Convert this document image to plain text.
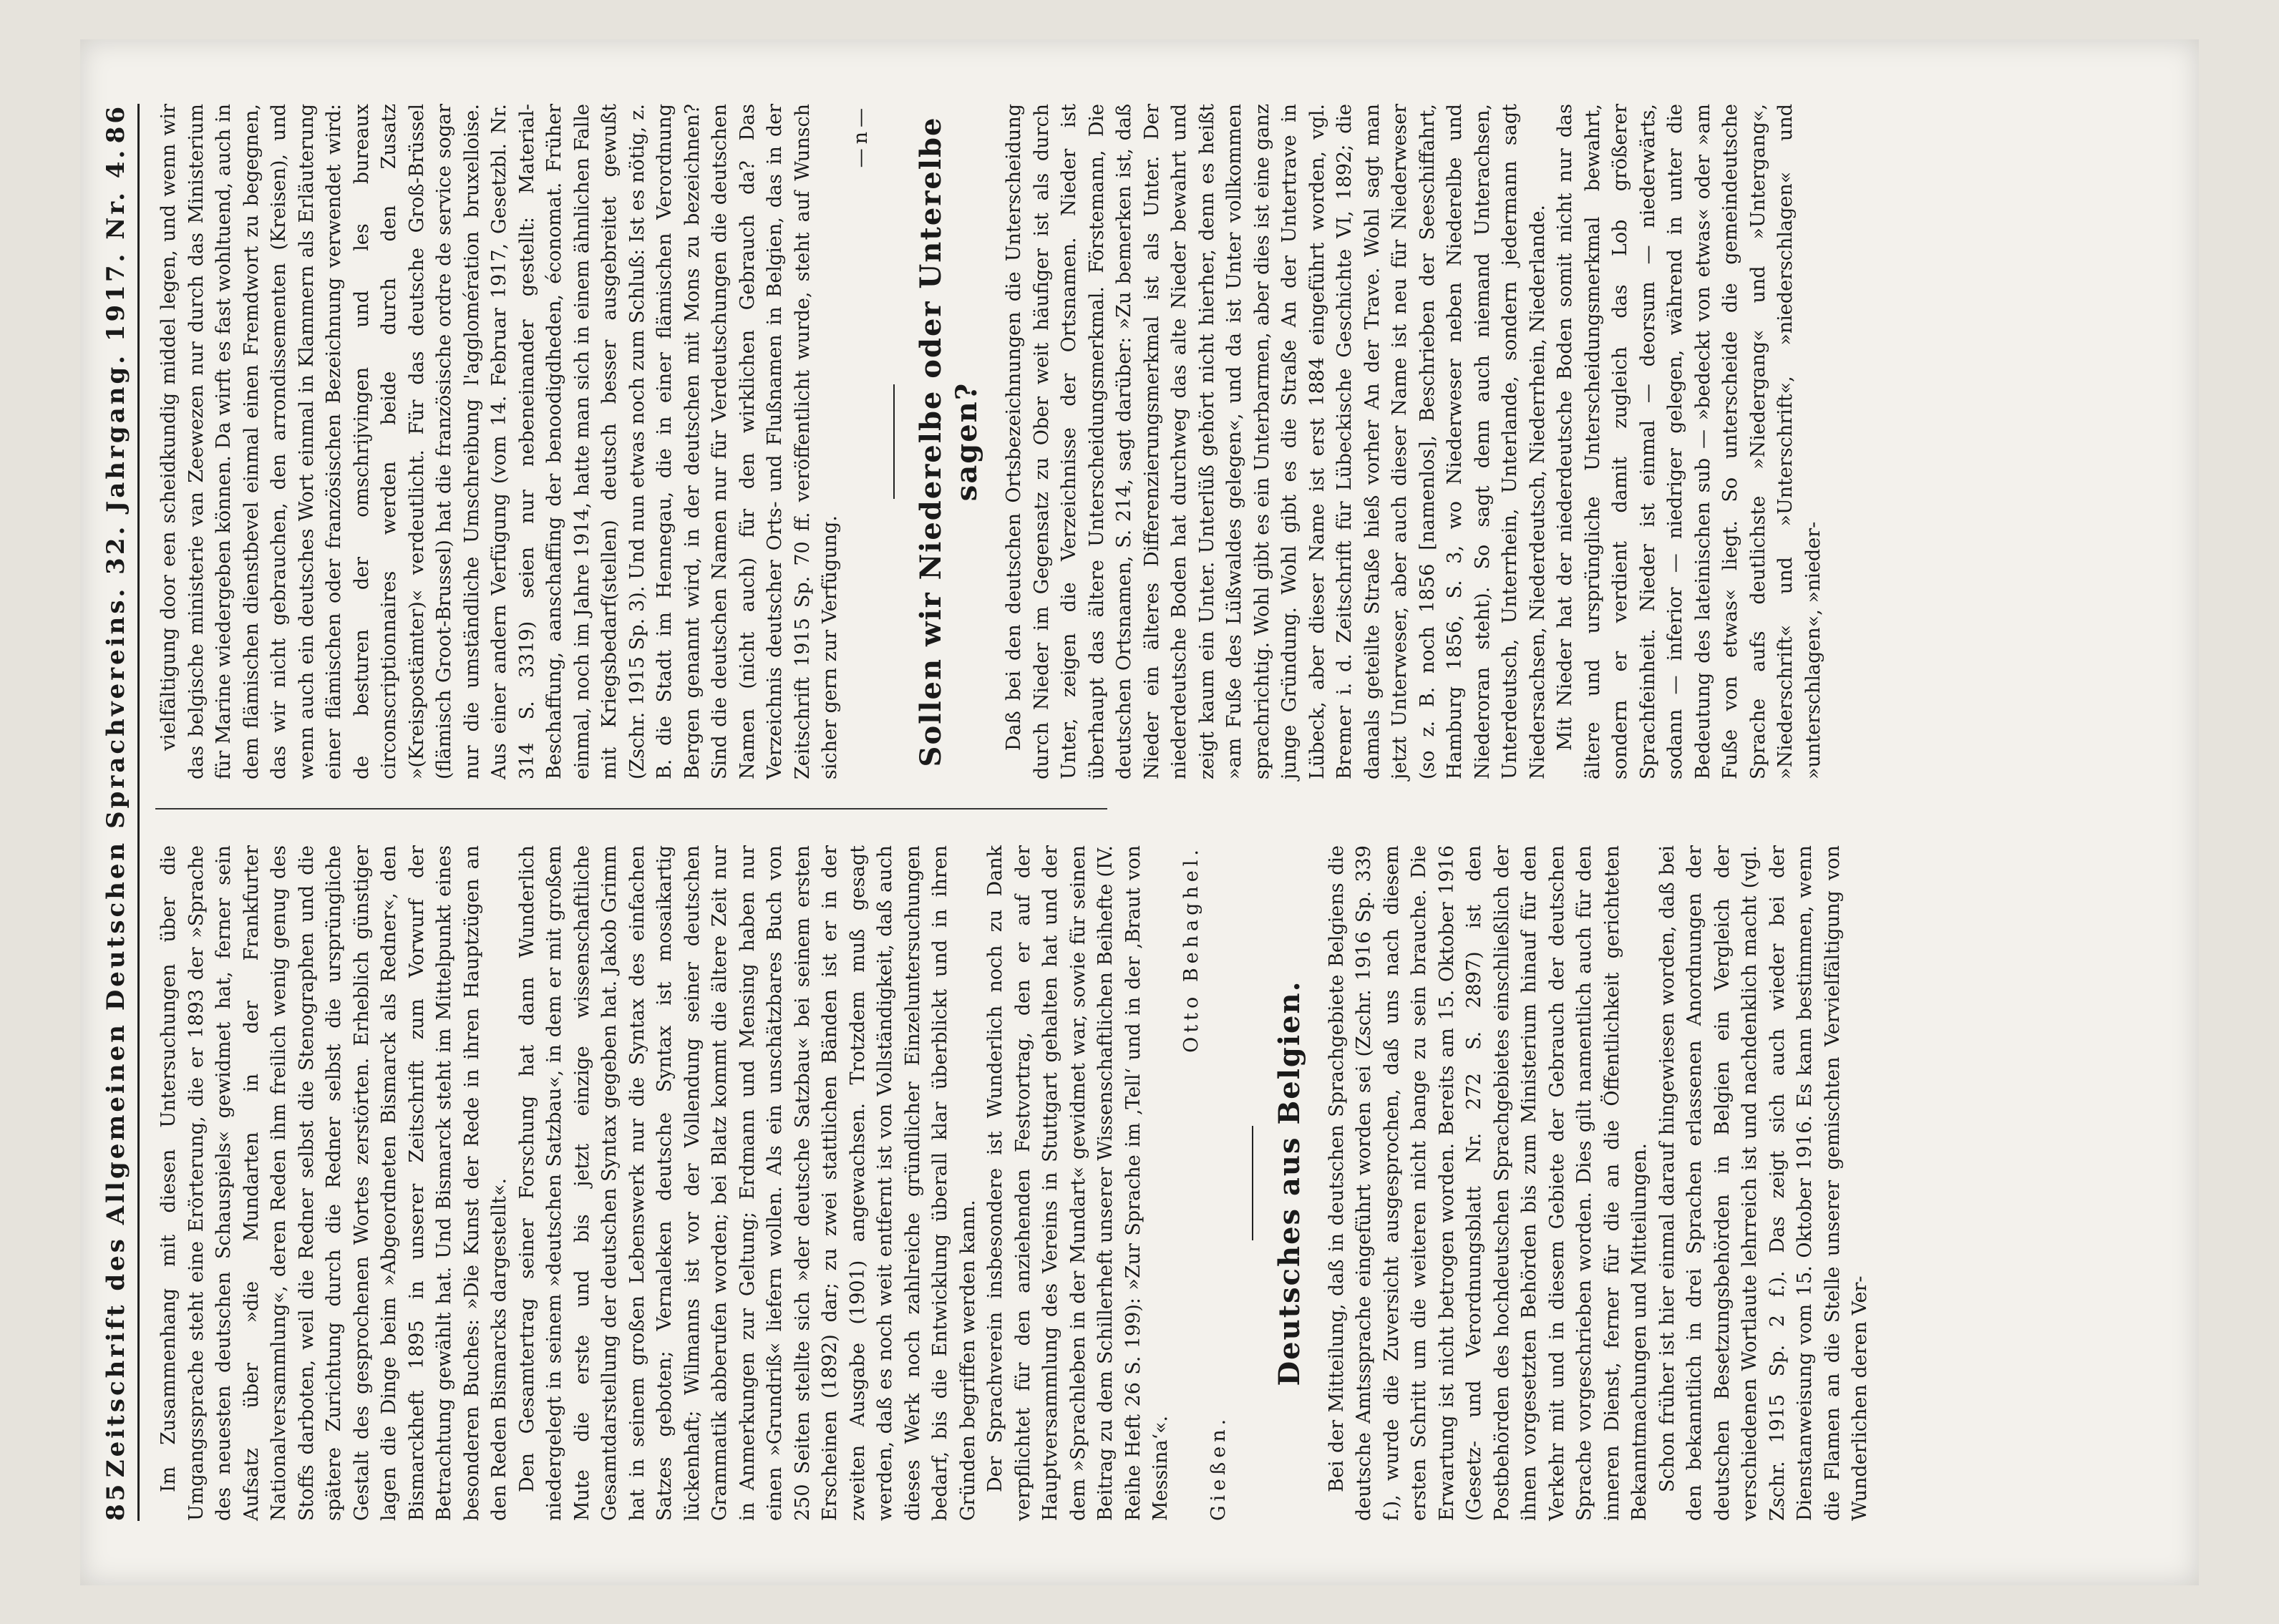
85
Zeitschrift des Allgemeinen Deutschen Sprachvereins. 32. Jahrgang. 1917. Nr. 4.
86

Im Zusammenhang mit diesen Untersuchungen über die Umgangssprache steht eine Erörterung, die er 1893 der »Sprache des neuesten deutschen Schauspiels« gewidmet hat, ferner sein Aufsatz über »die Mundarten in der Frankfurter Nationalversammlung«, deren Reden ihm freilich wenig genug des Stoffs darboten, weil die Redner selbst die Stenographen und die spätere Zurichtung durch die Redner selbst die ursprüngliche Gestalt des gesprochenen Wortes zerstörten. Erheblich günstiger lagen die Dinge beim »Abgeordneten Bismarck als Redner«, den Bismarckheft 1895 in unserer Zeitschrift zum Vorwurf der Betrachtung gewählt hat. Und Bismarck steht im Mittelpunkt eines besonderen Buches: »Die Kunst der Rede in ihren Hauptzügen an den Reden Bismarcks dargestellt«. Den Gesamtertrag seiner Forschung hat dann Wunderlich niedergelegt in seinem »deutschen Satzbau«, in dem er mit großem Mute die erste und bis jetzt einzige wissenschaftliche Gesamtdarstellung der deutschen Syntax gegeben hat. Jakob Grimm hat in seinem großen Lebenswerk nur die Syntax des einfachen Satzes geboten; Vernaleken deutsche Syntax ist mosaikartig lückenhaft; Wilmanns ist vor der Vollendung seiner deutschen Grammatik abberufen worden; bei Blatz kommt die ältere Zeit nur in Anmerkungen zur Geltung; Erdmann und Mensing haben nur einen »Grundriß« liefern wollen. Als ein unschätzbares Buch von 250 Seiten stellte sich »der deutsche Satzbau« bei seinem ersten Erscheinen (1892) dar; zu zwei stattlichen Bänden ist er in der zweiten Ausgabe (1901) angewachsen. Trotzdem muß gesagt werden, daß es noch weit entfernt ist von Vollständigkeit, daß auch dieses Werk noch zahlreiche gründlicher Einzeluntersuchungen bedarf, bis die Entwicklung überall klar überblickt und in ihren Gründen begriffen werden kann. Der Sprachverein insbesondere ist Wunderlich noch zu Dank verpflichtet für den anziehenden Festvortrag, den er auf der Hauptversammlung des Vereins in Stuttgart gehalten hat und der dem »Sprachleben in der Mundart« gewidmet war, sowie für seinen Beitrag zu dem Schillerheft unserer Wissenschaftlichen Beihefte (IV. Reihe Heft 26 S. 199): »Zur Sprache im ‚Tell‘ und in der ‚Braut von Messina‘«.

Otto Behaghel.
Gießen.
Deutsches aus Belgien. Bei der Mitteilung, daß in deutschen Sprachgebiete Belgiens die deutsche Amtssprache eingeführt worden sei (Zschr. 1916 Sp. 339 f.), wurde die Zuversicht ausgesprochen, daß uns nach diesem ersten Schritt um die weiteren nicht bange zu sein brauche. Die Erwartung ist nicht betrogen worden. Bereits am 15. Oktober 1916 (Gesetz- und Verordnungsblatt Nr. 272 S. 2897) ist den Postbehörden des hochdeutschen Sprachgebietes einschließlich der ihnen vorgesetzten Behörden bis zum Ministerium hinauf für den Verkehr mit und in diesem Gebiete der Gebrauch der deutschen Sprache vorgeschrieben worden. Dies gilt namentlich auch für den inneren Dienst, ferner für die an die Öffentlichkeit gerichteten Bekanntmachungen und Mitteilungen. Schon früher ist hier einmal darauf hingewiesen worden, daß bei den bekanntlich in drei Sprachen erlassenen Anordnungen der deutschen Besetzungsbehörden in Belgien ein Vergleich der verschiedenen Wortlaute lehrreich ist und nachdenklich macht (vgl. Zschr. 1915 Sp. 2 f.). Das zeigt sich auch wieder bei der Dienstanweisung vom 15. Oktober 1916. Es kann bestimmen, wenn die Flamen an die Stelle unserer gemischten Vervielfältigung von Wunderlichen deren Ver-

vielfältigung door een scheidkundig middel legen, und wenn wir das belgische ministerie van Zeewezen nur durch das Ministerium für Marine wiedergeben können. Da wirft es fast wohltuend, auch in dem flämischen dienstbevel einmal einen Fremdwort zu begegnen, das wir nicht gebrauchen, den arrondissementen (Kreisen), und wenn auch ein deutsches Wort einmal in Klammern als Erläuterung einer flämischen oder französischen Bezeichnung verwendet wird: de besturen der omschrijvingen und les bureaux circonscriptionnaires werden beide durch den Zusatz »(Kreispostämter)« verdeutlicht. Für das deutsche Groß-Brüssel (flämisch Groot-Brussel) hat die französische ordre de service sogar nur die umständliche Umschreibung l'agglomération bruxelloise. Aus einer andern Verfügung (vom 14. Februar 1917, Gesetzbl. Nr. 314 S. 3319) seien nur nebeneinander gestellt: Material-Beschaffung, aanschaffing der benoodigdheden, économat. Früher einmal, noch im Jahre 1914, hatte man sich in einem ähnlichen Falle mit Kriegsbedarf(stellen) deutsch besser ausgebreitet gewußt (Zschr. 1915 Sp. 3). Und nun etwas noch zum Schluß: Ist es nötig, z. B. die Stadt im Hennegau, die in einer flämischen Verordnung Bergen genannt wird, in der deutschen mit Mons zu bezeichnen? Sind die deutschen Namen nur für Verdeutschungen die deutschen Namen (nicht auch) für den wirklichen Gebrauch da? Das Verzeichnis deutscher Orts- und Flußnamen in Belgien, das in der Zeitschrift 1915 Sp. 70 ff. veröffentlicht wurde, steht auf Wunsch sicher gern zur Verfügung.

—n— Sollen wir Niederelbe oder Unterelbe sagen? Daß bei den deutschen Ortsbezeichnungen die Unterscheidung durch Nieder im Gegensatz zu Ober weit häufiger ist als durch Unter, zeigen die Verzeichnisse der Ortsnamen. Nieder ist überhaupt das ältere Unterscheidungsmerkmal. Förstemann, Die deutschen Ortsnamen, S. 214, sagt darüber: »Zu bemerken ist, daß Nieder ein älteres Differenzierungsmerkmal ist als Unter. Der niederdeutsche Boden hat durchweg das alte Nieder bewahrt und zeigt kaum ein Unter. Unterlüß gehört nicht hierher, denn es heißt »am Fuße des Lüßwaldes gelegen«, und da ist Unter vollkommen sprachrichtig. Wohl gibt es ein Unterbarmen, aber dies ist eine ganz junge Gründung. Wohl gibt es die Straße An der Untertrave in Lübeck, aber dieser Name ist erst 1884 eingeführt worden, vgl. Bremer i. d. Zeitschrift für Lübeckische Geschichte VI, 1892; die damals geteilte Straße hieß vorher An der Trave. Wohl sagt man jetzt Unterweser, aber auch dieser Name ist neu für Niederweser (so z. B. noch 1856 [namenlos], Beschrieben der Seeschiffahrt, Hamburg 1856, S. 3, wo Niederweser neben Niederelbe und Niederoran steht). So sagt denn auch niemand Unterachsen, Unterdeutsch, Unterrhein, Unterlande, sondern jedermann sagt Niedersachsen, Niederdeutsch, Niederrhein, Niederlande. Mit Nieder hat der niederdeutsche Boden somit nicht nur das ältere und ursprüngliche Unterscheidungsmerkmal bewahrt, sondern er verdient damit zugleich das Lob größerer Sprachfeinheit. Nieder ist einmal — deorsum — niederwärts, sodann — inferior — niedriger gelegen, während in unter die Bedeutung des lateinischen sub — »bedeckt von etwas« oder »am Fuße von etwas« liegt. So unterscheide die gemeindeutsche Sprache aufs deutlichste »Niedergang« und »Untergang«, »Niederschrift« und »Unterschrift«, »niederschlagen« und »unterschlagen«, »nieder-
